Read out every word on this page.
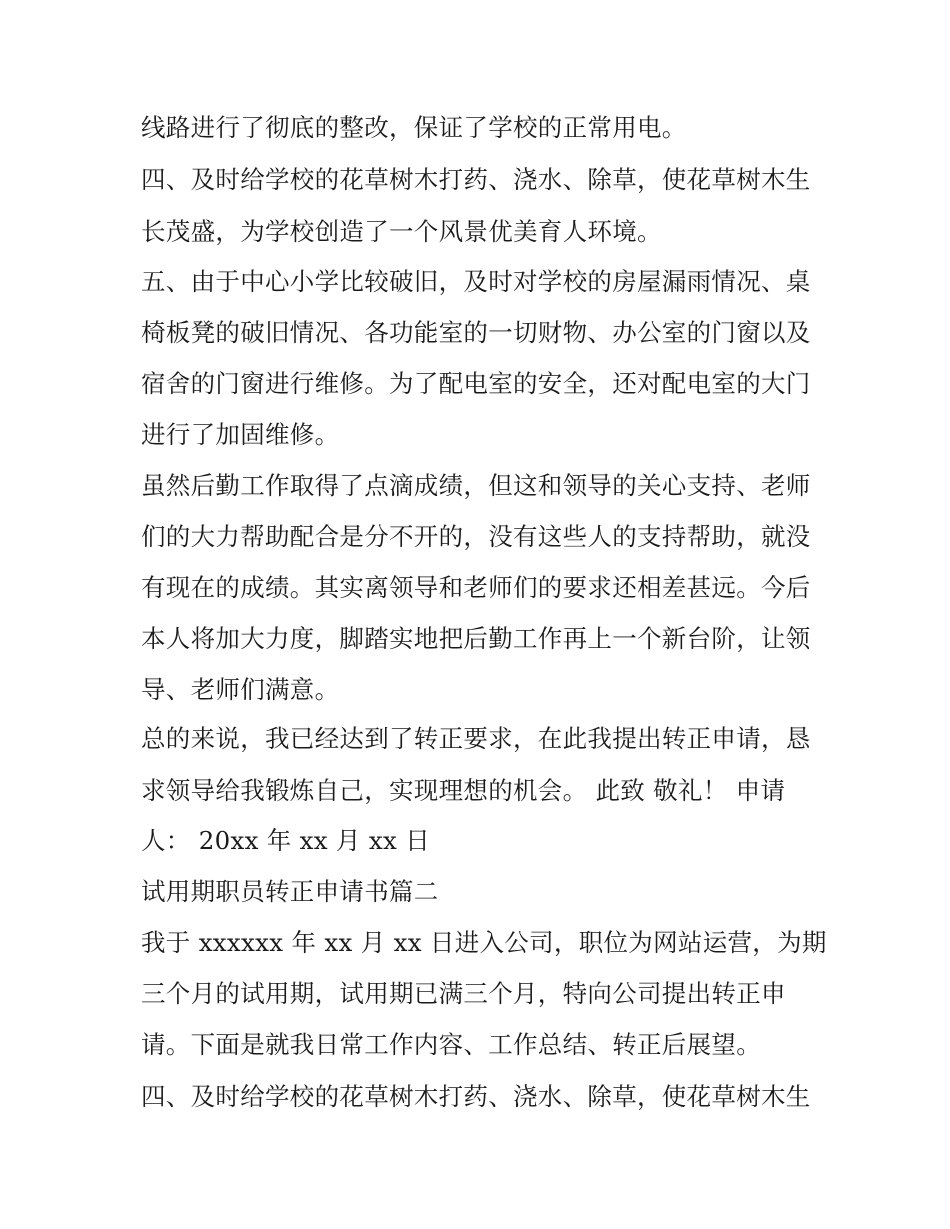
线路进行了彻底的整改，保证了学校的正常用电。
四、及时给学校的花草树木打药、浇水、除草，使花草树木生
长茂盛，为学校创造了一个风景优美育人环境。
五、由于中心小学比较破旧，及时对学校的房屋漏雨情况、桌
椅板凳的破旧情况、各功能室的一切财物、办公室的门窗以及
宿舍的门窗进行维修。为了配电室的安全，还对配电室的大门
进行了加固维修。
虽然后勤工作取得了点滴成绩，但这和领导的关心支持、老师
们的大力帮助配合是分不开的，没有这些人的支持帮助，就没
有现在的成绩。其实离领导和老师们的要求还相差甚远。今后
本人将加大力度，脚踏实地把后勤工作再上一个新台阶，让领
导、老师们满意。
总的来说，我已经达到了转正要求，在此我提出转正申请，恳
求领导给我锻炼自己，实现理想的机会。 此致 敬礼！ 申请
人： 20xx 年 xx 月 xx 日
试用期职员转正申请书篇二
我于 xxxxxx 年 xx 月 xx 日进入公司，职位为网站运营，为期
三个月的试用期，试用期已满三个月，特向公司提出转正申
请。下面是就我日常工作内容、工作总结、转正后展望。
四、及时给学校的花草树木打药、浇水、除草，使花草树木生
